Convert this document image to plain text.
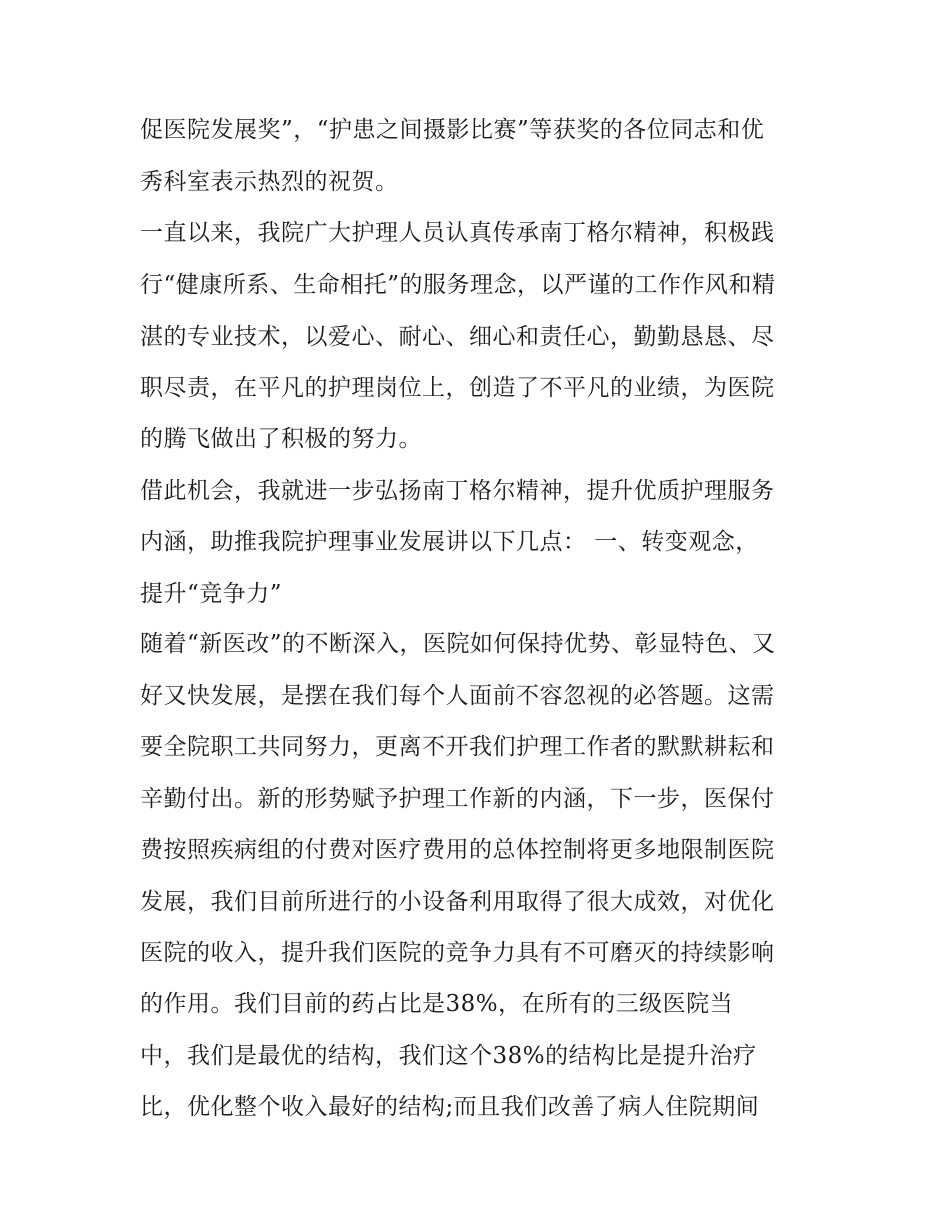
促医院发展奖”，“护患之间摄影比赛”等获奖的各位同志和优

秀科室表示热烈的祝贺。

一直以来，我院广大护理人员认真传承南丁格尔精神，积极践

行“健康所系、生命相托”的服务理念，以严谨的工作作风和精

湛的专业技术，以爱心、耐心、细心和责任心，勤勤恳恳、尽

职尽责，在平凡的护理岗位上，创造了不平凡的业绩，为医院

的腾飞做出了积极的努力。

借此机会，我就进一步弘扬南丁格尔精神，提升优质护理服务

内涵，助推我院护理事业发展讲以下几点： 一、转变观念，

提升“竞争力”

随着“新医改”的不断深入，医院如何保持优势、彰显特色、又

好又快发展，是摆在我们每个人面前不容忽视的必答题。这需

要全院职工共同努力，更离不开我们护理工作者的默默耕耘和

辛勤付出。新的形势赋予护理工作新的内涵，下一步，医保付

费按照疾病组的付费对医疗费用的总体控制将更多地限制医院

发展，我们目前所进行的小设备利用取得了很大成效，对优化

医院的收入，提升我们医院的竞争力具有不可磨灭的持续影响

的作用。我们目前的药占比是38%，在所有的三级医院当

中，我们是最优的结构，我们这个38%的结构比是提升治疗

比，优化整个收入最好的结构;而且我们改善了病人住院期间
